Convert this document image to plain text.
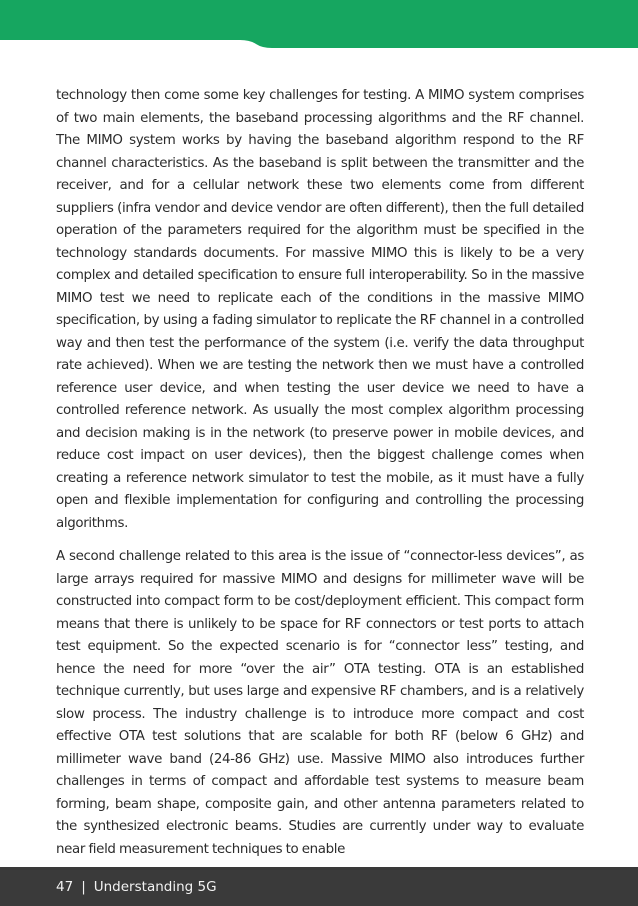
technology then come some key challenges for testing. A MIMO system comprises of two main elements, the baseband processing algorithms and the RF channel. The MIMO system works by having the baseband algorithm respond to the RF channel characteristics. As the baseband is split between the transmitter and the receiver, and for a cellular network these two elements come from different suppliers (infra vendor and device vendor are often different), then the full detailed operation of the parameters required for the algorithm must be specified in the technology standards documents. For massive MIMO this is likely to be a very complex and detailed specification to ensure full interoperability. So in the massive MIMO test we need to replicate each of the conditions in the massive MIMO specification, by using a fading simulator to replicate the RF channel in a controlled way and then test the performance of the system (i.e. verify the data throughput rate achieved). When we are testing the network then we must have a controlled reference user device, and when testing the user device we need to have a controlled reference network. As usually the most complex algorithm processing and decision making is in the network (to preserve power in mobile devices, and reduce cost impact on user devices), then the biggest challenge comes when creating a reference network simulator to test the mobile, as it must have a fully open and flexible implementation for configuring and controlling the processing algorithms.

A second challenge related to this area is the issue of “connector-less devices”, as large arrays required for massive MIMO and designs for millimeter wave will be constructed into compact form to be cost/deployment efficient. This compact form means that there is unlikely to be space for RF connectors or test ports to attach test equipment. So the expected scenario is for “connector less” testing, and hence the need for more “over the air” OTA testing. OTA is an established technique currently, but uses large and expensive RF chambers, and is a relatively slow process. The industry challenge is to introduce more compact and cost effective OTA test solutions that are scalable for both RF (below 6 GHz) and millimeter wave band (24-86 GHz) use. Massive MIMO also introduces further challenges in terms of compact and affordable test systems to measure beam forming, beam shape, composite gain, and other antenna parameters related to the synthesized electronic beams. Studies are currently under way to evaluate near field measurement techniques to enable

47 | Understanding 5G
